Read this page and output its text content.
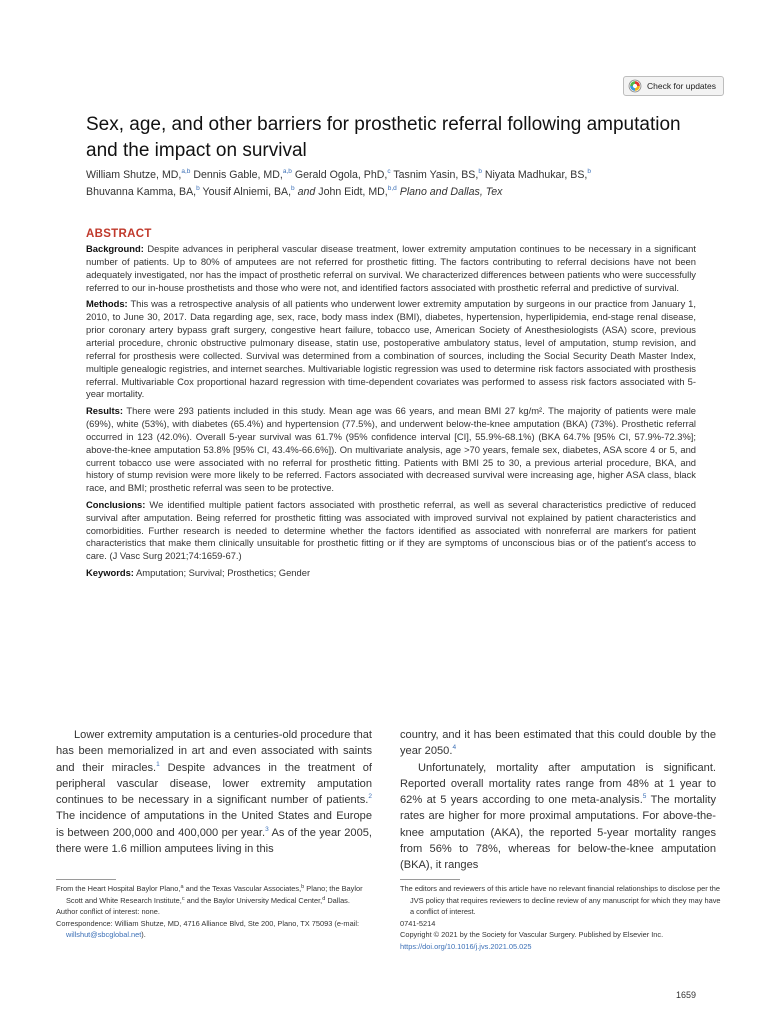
Check for updates
Sex, age, and other barriers for prosthetic referral following amputation and the impact on survival
William Shutze, MD,$^{a,b}$ Dennis Gable, MD,$^{a,b}$ Gerald Ogola, PhD,$^c$ Tasnim Yasin, BS,$^b$ Niyata Madhukar, BS,$^b$
Bhuvanna Kamma, BA,$^b$ Yousif Alniemi, BA,$^b$ and John Eidt, MD,$^{b,d}$ Plano and Dallas, Tex
ABSTRACT

Background: Despite advances in peripheral vascular disease treatment, lower extremity amputation continues to be necessary in a significant number of patients. Up to 80% of amputees are not referred for prosthetic fitting. The factors contributing to referral decisions have not been adequately investigated, nor has the impact of prosthetic referral on survival. We characterized differences between patients who were successfully referred to our in-house prosthetists and those who were not, and identified factors associated with prosthetic referral and predictive of survival.

Methods: This was a retrospective analysis of all patients who underwent lower extremity amputation by surgeons in our practice from January 1, 2010, to June 30, 2017. Data regarding age, sex, race, body mass index (BMI), diabetes, hypertension, hyperlipidemia, end-stage renal disease, prior coronary artery bypass graft surgery, congestive heart failure, tobacco use, American Society of Anesthesiologists (ASA) score, previous arterial procedure, chronic obstructive pulmonary disease, statin use, postoperative ambulatory status, level of amputation, stump revision, and referral for prosthesis were collected. Survival was determined from a combination of sources, including the Social Security Death Master Index, multiple genealogic registries, and internet searches. Multivariable logistic regression was used to determine risk factors associated with prosthesis referral. Multivariable Cox proportional hazard regression with time-dependent covariates was performed to assess risk factors associated with 5-year mortality.

Results: There were 293 patients included in this study. Mean age was 66 years, and mean BMI 27 kg/m². The majority of patients were male (69%), white (53%), with diabetes (65.4%) and hypertension (77.5%), and underwent below-the-knee amputation (BKA) (73%). Prosthetic referral occurred in 123 (42.0%). Overall 5-year survival was 61.7% (95% confidence interval [CI], 55.9%-68.1%) (BKA 64.7% [95% CI, 57.9%-72.3%]; above-the-knee amputation 53.8% [95% CI, 43.4%-66.6%]). On multivariate analysis, age >70 years, female sex, diabetes, ASA score 4 or 5, and current tobacco use were associated with no referral for prosthetic fitting. Patients with BMI 25 to 30, a previous arterial procedure, BKA, and history of stump revision were more likely to be referred. Factors associated with decreased survival were increasing age, higher ASA class, black race, and BMI; prosthetic referral was seen to be protective.

Conclusions: We identified multiple patient factors associated with prosthetic referral, as well as several characteristics predictive of reduced survival after amputation. Being referred for prosthetic fitting was associated with improved survival not explained by patient characteristics and comorbidities. Further research is needed to determine whether the factors identified as associated with nonreferral are markers for patient characteristics that make them clinically unsuitable for prosthetic fitting or if they are symptoms of unconscious bias or of the patient's access to care. (J Vasc Surg 2021;74:1659-67.)

Keywords: Amputation; Survival; Prosthetics; Gender

Lower extremity amputation is a centuries-old procedure that has been memorialized in art and even associated with saints and their miracles.$^1$ Despite advances in the treatment of peripheral vascular disease, lower extremity amputation continues to be necessary in a significant number of patients.$^2$ The incidence of amputations in the United States and Europe is between 200,000 and 400,000 per year.$^3$ As of the year 2005, there were 1.6 million amputees living in this

country, and it has been estimated that this could double by the year 2050.$^4$

Unfortunately, mortality after amputation is significant. Reported overall mortality rates range from 48% at 1 year to 62% at 5 years according to one meta-analysis.$^5$ The mortality rates are higher for more proximal amputations. For above-the-knee amputation (AKA), the reported 5-year mortality ranges from 56% to 78%, whereas for below-the-knee amputation (BKA), it ranges

From the Heart Hospital Baylor Plano,$^a$ and the Texas Vascular Associates,$^b$ Plano; the Baylor Scott and White Research Institute,$^c$ and the Baylor University Medical Center,$^d$ Dallas.

Author conflict of interest: none.

Correspondence: William Shutze, MD, 4716 Alliance Blvd, Ste 200, Plano, TX 75093 (e-mail: willshut@sbcglobal.net).

The editors and reviewers of this article have no relevant financial relationships to disclose per the JVS policy that requires reviewers to decline review of any manuscript for which they may have a conflict of interest.

0741-5214

Copyright © 2021 by the Society for Vascular Surgery. Published by Elsevier Inc.

https://doi.org/10.1016/j.jvs.2021.05.025

1659
